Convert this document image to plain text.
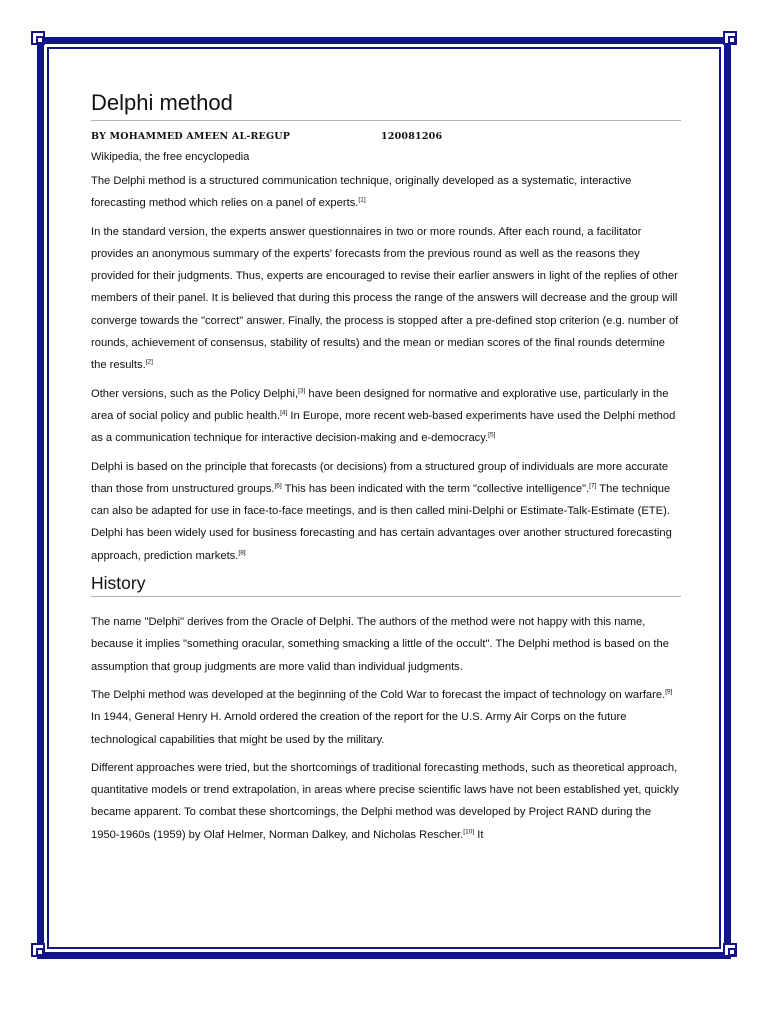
Delphi method
BY MOHAMMED AMEEN AL-REGUP	120081206
Wikipedia, the free encyclopedia

The Delphi method is a structured communication technique, originally developed as a systematic, interactive forecasting method which relies on a panel of experts.[1]

In the standard version, the experts answer questionnaires in two or more rounds. After each round, a facilitator provides an anonymous summary of the experts' forecasts from the previous round as well as the reasons they provided for their judgments. Thus, experts are encouraged to revise their earlier answers in light of the replies of other members of their panel. It is believed that during this process the range of the answers will decrease and the group will converge towards the "correct" answer. Finally, the process is stopped after a pre-defined stop criterion (e.g. number of rounds, achievement of consensus, stability of results) and the mean or median scores of the final rounds determine the results.[2]

Other versions, such as the Policy Delphi,[3] have been designed for normative and explorative use, particularly in the area of social policy and public health.[4] In Europe, more recent web-based experiments have used the Delphi method as a communication technique for interactive decision-making and e-democracy.[5]

Delphi is based on the principle that forecasts (or decisions) from a structured group of individuals are more accurate than those from unstructured groups.[6] This has been indicated with the term "collective intelligence".[7] The technique can also be adapted for use in face-to-face meetings, and is then called mini-Delphi or Estimate-Talk-Estimate (ETE). Delphi has been widely used for business forecasting and has certain advantages over another structured forecasting approach, prediction markets.[8]

History

The name "Delphi" derives from the Oracle of Delphi. The authors of the method were not happy with this name, because it implies "something oracular, something smacking a little of the occult". The Delphi method is based on the assumption that group judgments are more valid than individual judgments.

The Delphi method was developed at the beginning of the Cold War to forecast the impact of technology on warfare.[9] In 1944, General Henry H. Arnold ordered the creation of the report for the U.S. Army Air Corps on the future technological capabilities that might be used by the military.

Different approaches were tried, but the shortcomings of traditional forecasting methods, such as theoretical approach, quantitative models or trend extrapolation, in areas where precise scientific laws have not been established yet, quickly became apparent. To combat these shortcomings, the Delphi method was developed by Project RAND during the 1950-1960s (1959) by Olaf Helmer, Norman Dalkey, and Nicholas Rescher.[10] It
